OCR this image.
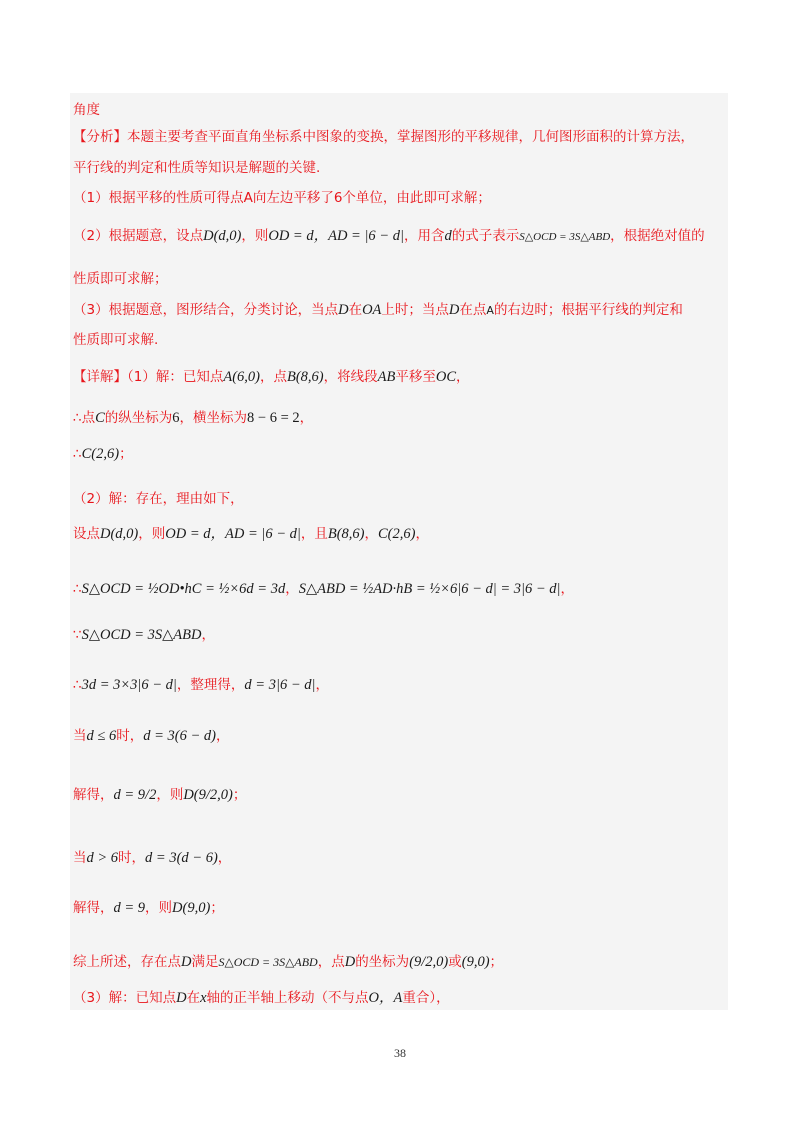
角度
【分析】本题主要考查平面直角坐标系中图象的变换，掌握图形的平移规律，几何图形面积的计算方法，
平行线的判定和性质等知识是解题的关键.
（1）根据平移的性质可得点A向左边平移了6个单位，由此即可求解；
（2）根据题意，设点D(d,0)，则OD = d，AD = |6 − d|，用含d的式子表示S△OCD = 3S△ABD，根据绝对值的
性质即可求解；
（3）根据题意，图形结合，分类讨论，当点D在OA上时；当点D在点A的右边时；根据平行线的判定和
性质即可求解.
【详解】（1）解：已知点A(6,0)，点B(8,6)，将线段AB平移至OC，
∴点C的纵坐标为6，横坐标为8 − 6 = 2，
∴C(2,6)；
（2）解：存在，理由如下，
设点D(d,0)，则OD = d，AD = |6 − d|，且B(8,6)，C(2,6)，
∴S△OCD = ½OD•hC = ½×6d = 3d，S△ABD = ½AD·hB = ½×6|6 − d| = 3|6 − d|，
∵S△OCD = 3S△ABD，
∴3d = 3×3|6 − d|，整理得，d = 3|6 − d|，
当d ≤ 6时，d = 3(6 − d)，
解得，d = 9/2，则D(9/2,0)；
当d > 6时，d = 3(d − 6)，
解得，d = 9，则D(9,0)；
综上所述，存在点D满足S△OCD = 3S△ABD，点D的坐标为(9/2,0)或(9,0)；
（3）解：已知点D在x轴的正半轴上移动（不与点O，A重合），
38
